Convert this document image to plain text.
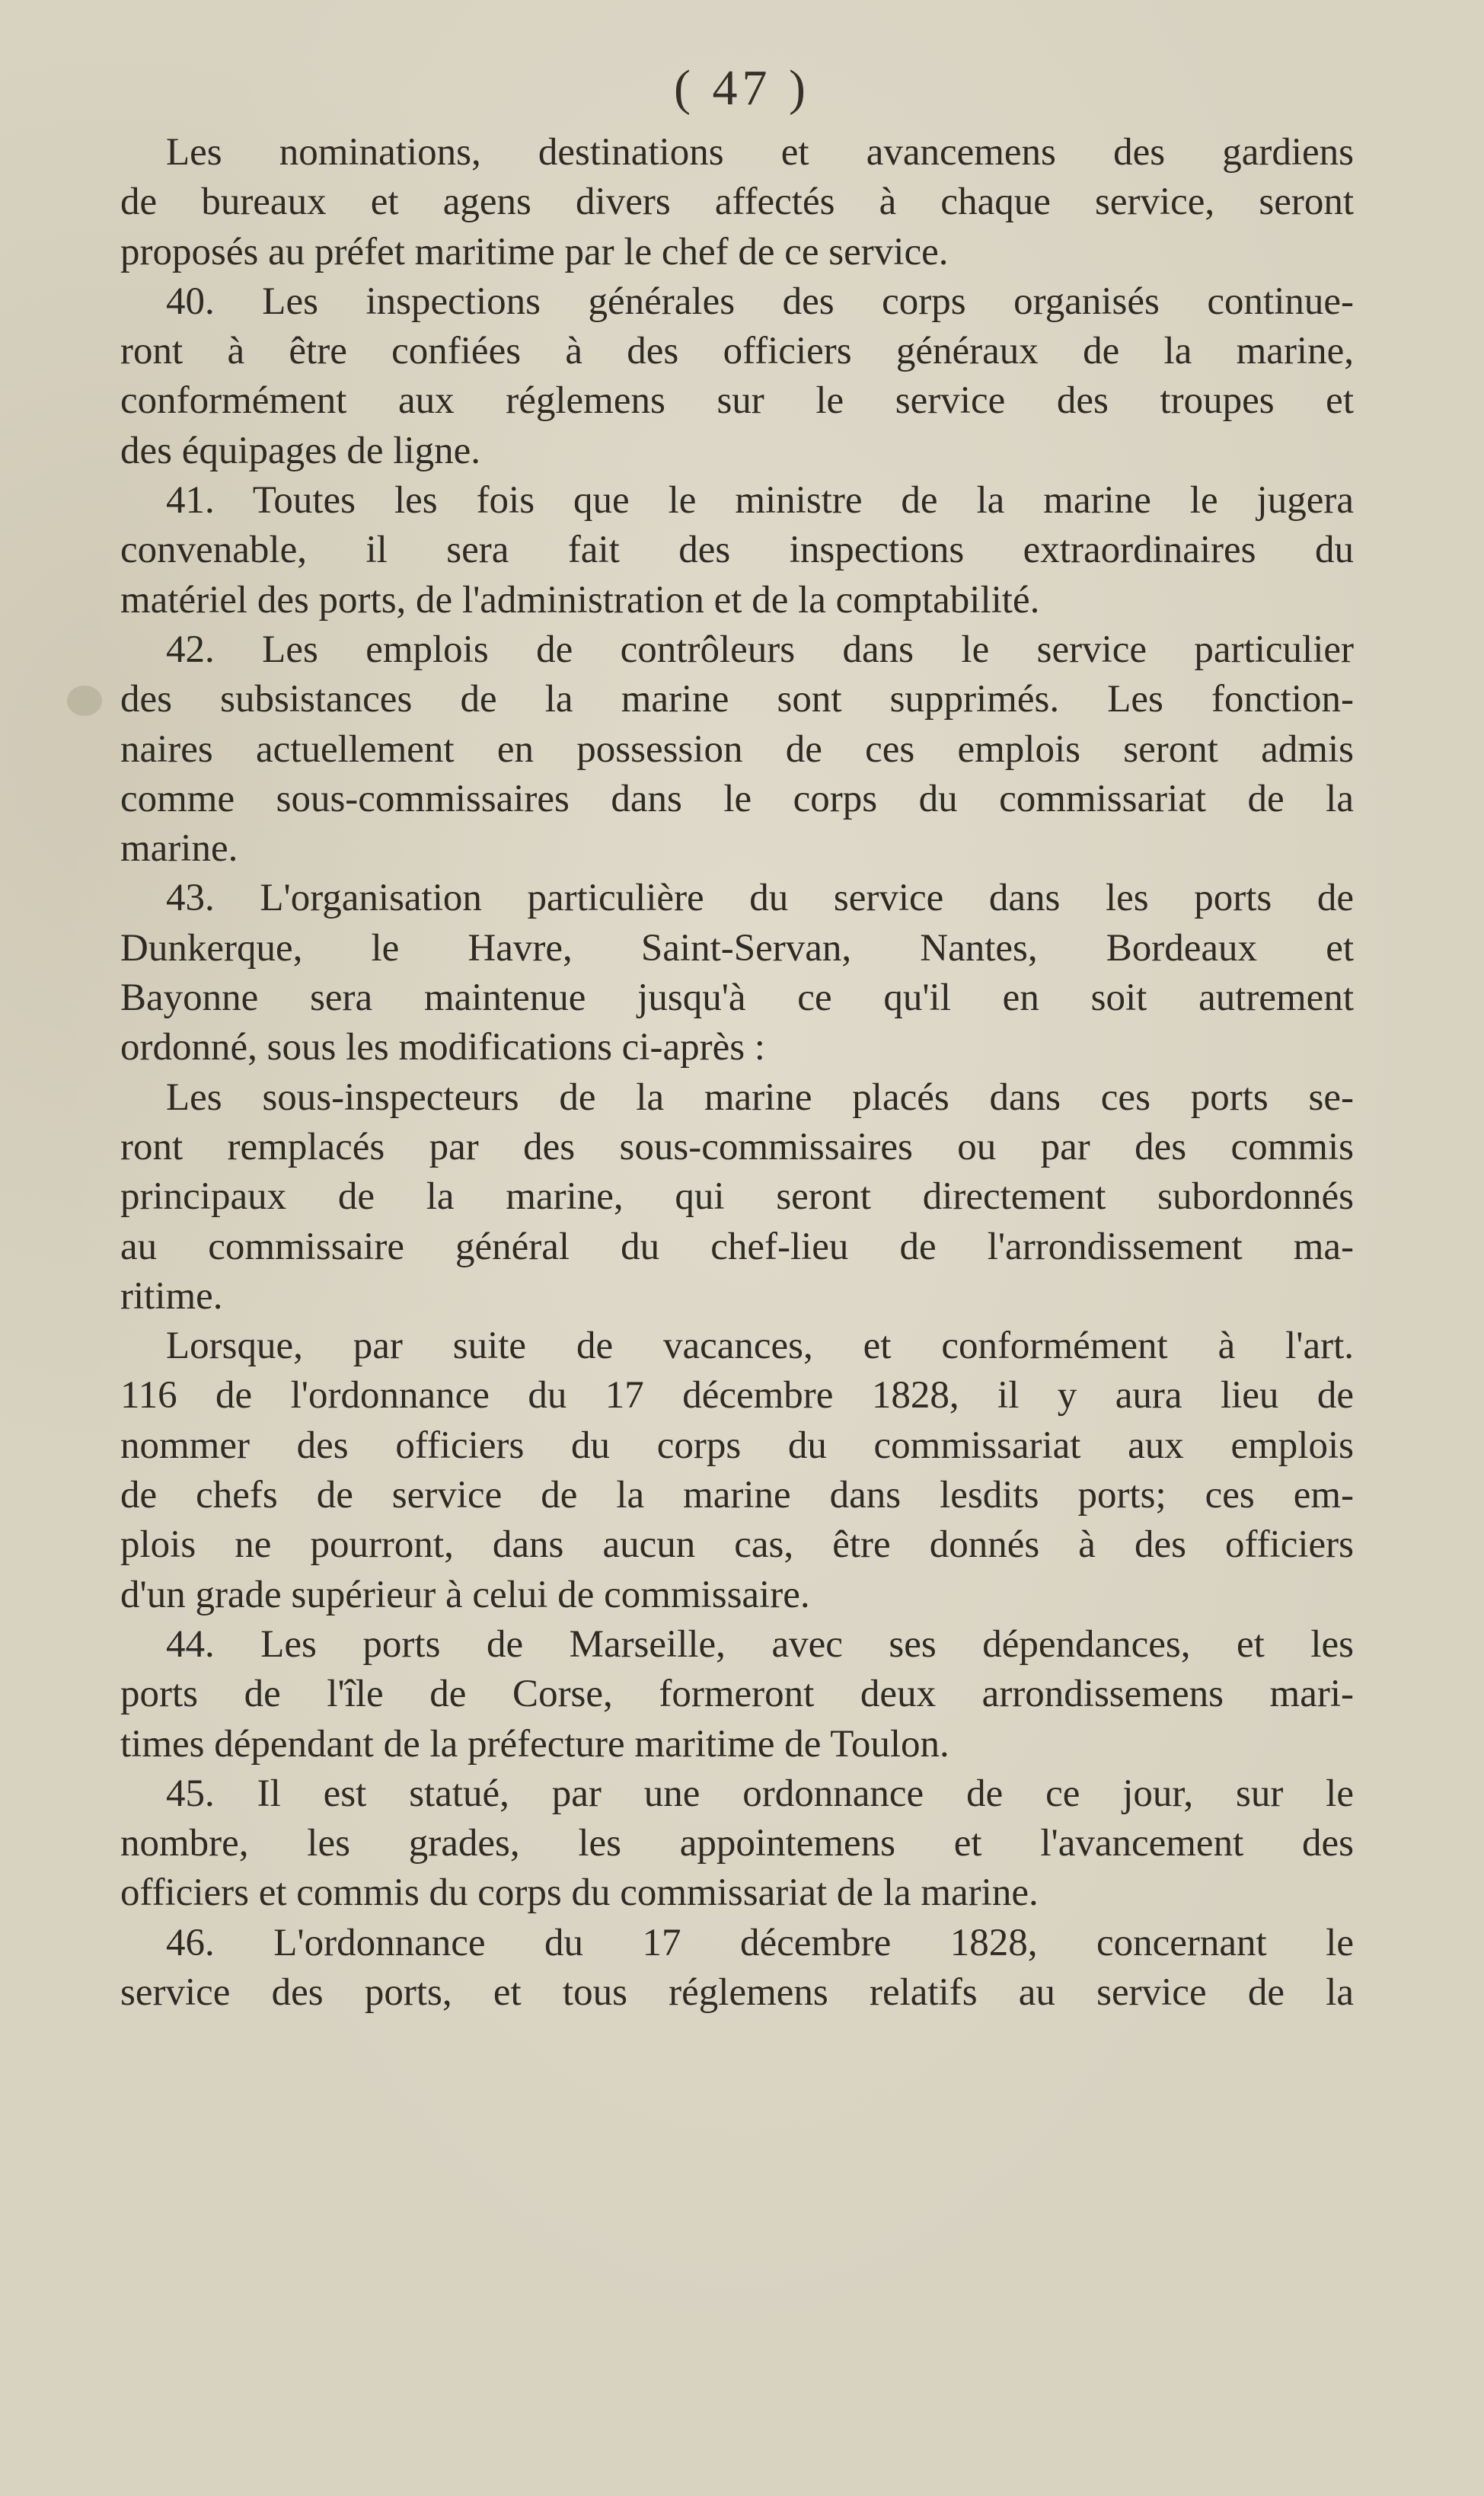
( 47 )
Les nominations, destinations et avancemens des gardiens
de bureaux et agens divers affectés à chaque service, seront
proposés au préfet maritime par le chef de ce service.
40. Les inspections générales des corps organisés continue-
ront à être confiées à des officiers généraux de la marine,
conformément aux réglemens sur le service des troupes et
des équipages de ligne.
41. Toutes les fois que le ministre de la marine le jugera
convenable, il sera fait des inspections extraordinaires du
matériel des ports, de l'administration et de la comptabilité.
42. Les emplois de contrôleurs dans le service particulier
des subsistances de la marine sont supprimés. Les fonction-
naires actuellement en possession de ces emplois seront admis
comme sous-commissaires dans le corps du commissariat de la
marine.
43. L'organisation particulière du service dans les ports de
Dunkerque, le Havre, Saint-Servan, Nantes, Bordeaux et
Bayonne sera maintenue jusqu'à ce qu'il en soit autrement
ordonné, sous les modifications ci-après :
Les sous-inspecteurs de la marine placés dans ces ports se-
ront remplacés par des sous-commissaires ou par des commis
principaux de la marine, qui seront directement subordonnés
au commissaire général du chef-lieu de l'arrondissement ma-
ritime.
Lorsque, par suite de vacances, et conformément à l'art.
116 de l'ordonnance du 17 décembre 1828, il y aura lieu de
nommer des officiers du corps du commissariat aux emplois
de chefs de service de la marine dans lesdits ports; ces em-
plois ne pourront, dans aucun cas, être donnés à des officiers
d'un grade supérieur à celui de commissaire.
44. Les ports de Marseille, avec ses dépendances, et les
ports de l'île de Corse, formeront deux arrondissemens mari-
times dépendant de la préfecture maritime de Toulon.
45. Il est statué, par une ordonnance de ce jour, sur le
nombre, les grades, les appointemens et l'avancement des
officiers et commis du corps du commissariat de la marine.
46. L'ordonnance du 17 décembre 1828, concernant le
service des ports, et tous réglemens relatifs au service de la
